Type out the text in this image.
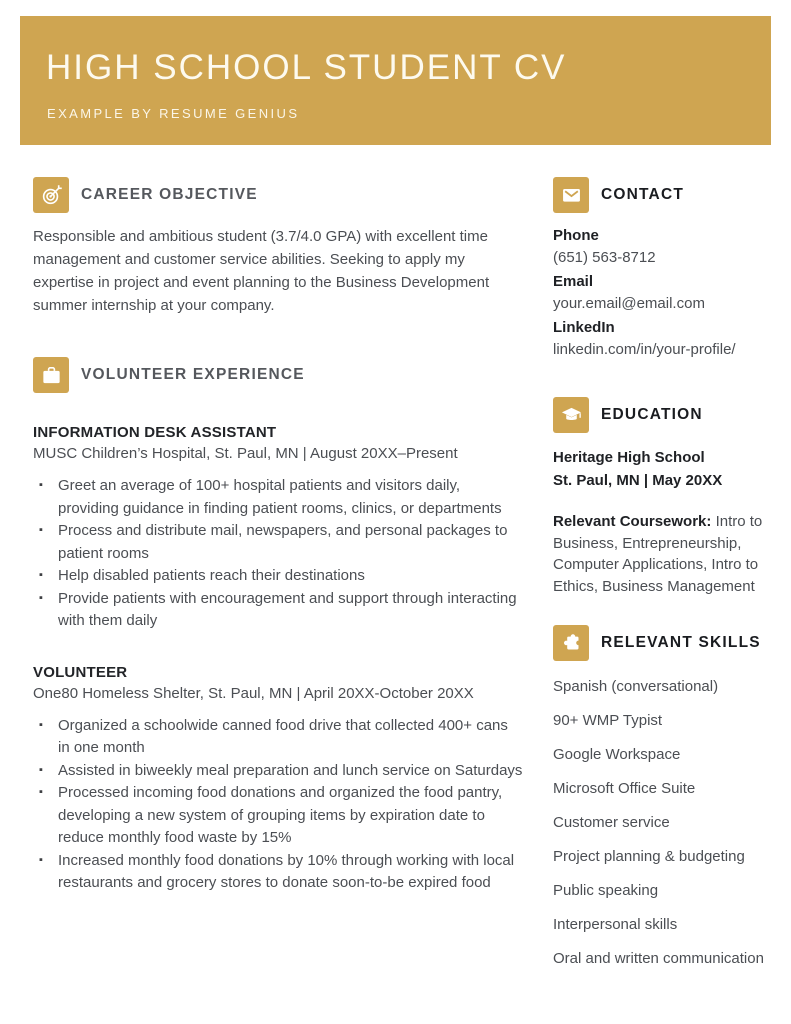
HIGH SCHOOL STUDENT CV
EXAMPLE BY RESUME GENIUS
CAREER OBJECTIVE

Responsible and ambitious student (3.7/4.0 GPA) with excellent time management and customer service abilities. Seeking to apply my expertise in project and event planning to the Business Development summer internship at your company.

VOLUNTEER EXPERIENCE
INFORMATION DESK ASSISTANT
MUSC Children’s Hospital, St. Paul, MN | August 20XX–Present
▪ Greet an average of 100+ hospital patients and visitors daily, providing guidance in finding patient rooms, clinics, or departments
▪ Process and distribute mail, newspapers, and personal packages to patient rooms
▪ Help disabled patients reach their destinations
▪ Provide patients with encouragement and support through interacting with them daily
VOLUNTEER
One80 Homeless Shelter, St. Paul, MN | April 20XX-October 20XX
▪ Organized a schoolwide canned food drive that collected 400+ cans in one month
▪ Assisted in biweekly meal preparation and lunch service on Saturdays
▪ Processed incoming food donations and organized the food pantry, developing a new system of grouping items by expiration date to reduce monthly food waste by 15%
▪ Increased monthly food donations by 10% through working with local restaurants and grocery stores to donate soon-to-be expired food
CONTACT
Phone
(651) 563-8712
Email
your.email@email.com
LinkedIn
linkedin.com/in/your-profile/
EDUCATION
Heritage High School
St. Paul, MN | May 20XX
Relevant Coursework: Intro to Business, Entrepreneurship, Computer Applications, Intro to Ethics, Business Management
RELEVANT SKILLS
Spanish (conversational)
90+ WMP Typist
Google Workspace
Microsoft Office Suite
Customer service
Project planning & budgeting
Public speaking
Interpersonal skills
Oral and written communication
